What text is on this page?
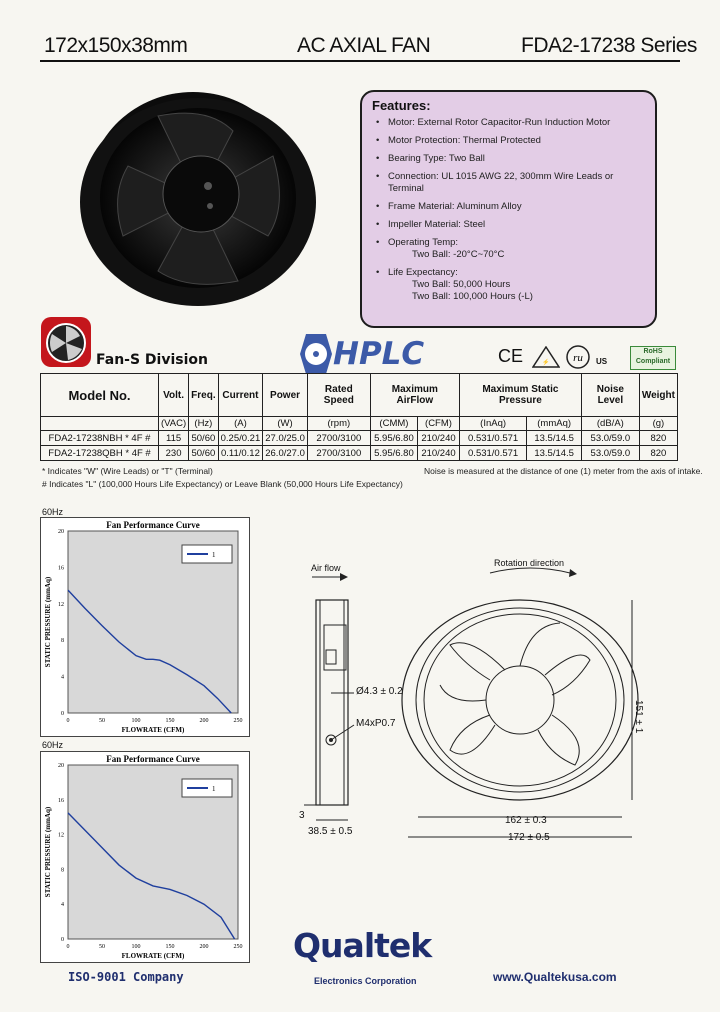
172x150x38mm	AC AXIAL FAN	FDA2-17238 Series
Features:
• Motor: External Rotor Capacitor-Run Induction Motor
• Motor Protection: Thermal Protected
• Bearing Type: Two Ball
• Connection: UL 1015 AWG 22, 300mm Wire Leads or Terminal
• Frame Material: Aluminum Alloy
• Impeller Material: Steel
• Operating Temp:
Two Ball: -20°C~70°C
• Life Expectancy:
Two Ball: 50,000 Hours
Two Ball: 100,000 Hours (-L)
Fan-S Division	HPLC	CE	⚡ ru US
RoHS
Compliant
Model No.	Volt.	Freq.	Current	Power	Rated Speed	Maximum AirFlow		Maximum Static Pressure		Noise Level	Weight
	(VAC)	(Hz)	(A)	(W)	(rpm)	(CMM)	(CFM)	(InAq)	(mmAq)	(dB/A)	(g)
FDA2-17238NBH * 4F #	115	50/60	0.25/0.21	27.0/25.0	2700/3100	5.95/6.80	210/240	0.531/0.571	13.5/14.5	53.0/59.0	820
FDA2-17238QBH * 4F #	230	50/60	0.11/0.12	26.0/27.0	2700/3100	5.95/6.80	210/240	0.531/0.571	13.5/14.5	53.0/59.0	820
* Indicates "W" (Wire Leads) or "T" (Terminal)	Noise is measured at the distance of one (1) meter from the axis of intake.
# Indicates "L" (100,000 Hours Life Expectancy) or Leave Blank (50,000 Hours Life Expectancy)
60Hz
Fan Performance Curve
0	50	100	150	200	250
0
4
8
12
16
20
FLOWRATE (CFM)
STATIC PRESSURE (mmAq)
1
60Hz
Fan Performance Curve
0	50	100	150	200	250
0
4
8
12
16
20
FLOWRATE (CFM)
STATIC PRESSURE (mmAq)
1
Air flow	Rotation direction
Ø4.3 ± 0.2
M4xP0.7	151 ± 1
162 ± 0.3
172 ± 0.5
38.5 ± 0.5
3
Qualtek
Electronics Corporation
ISO-9001 Company	www.Qualtekusa.com
